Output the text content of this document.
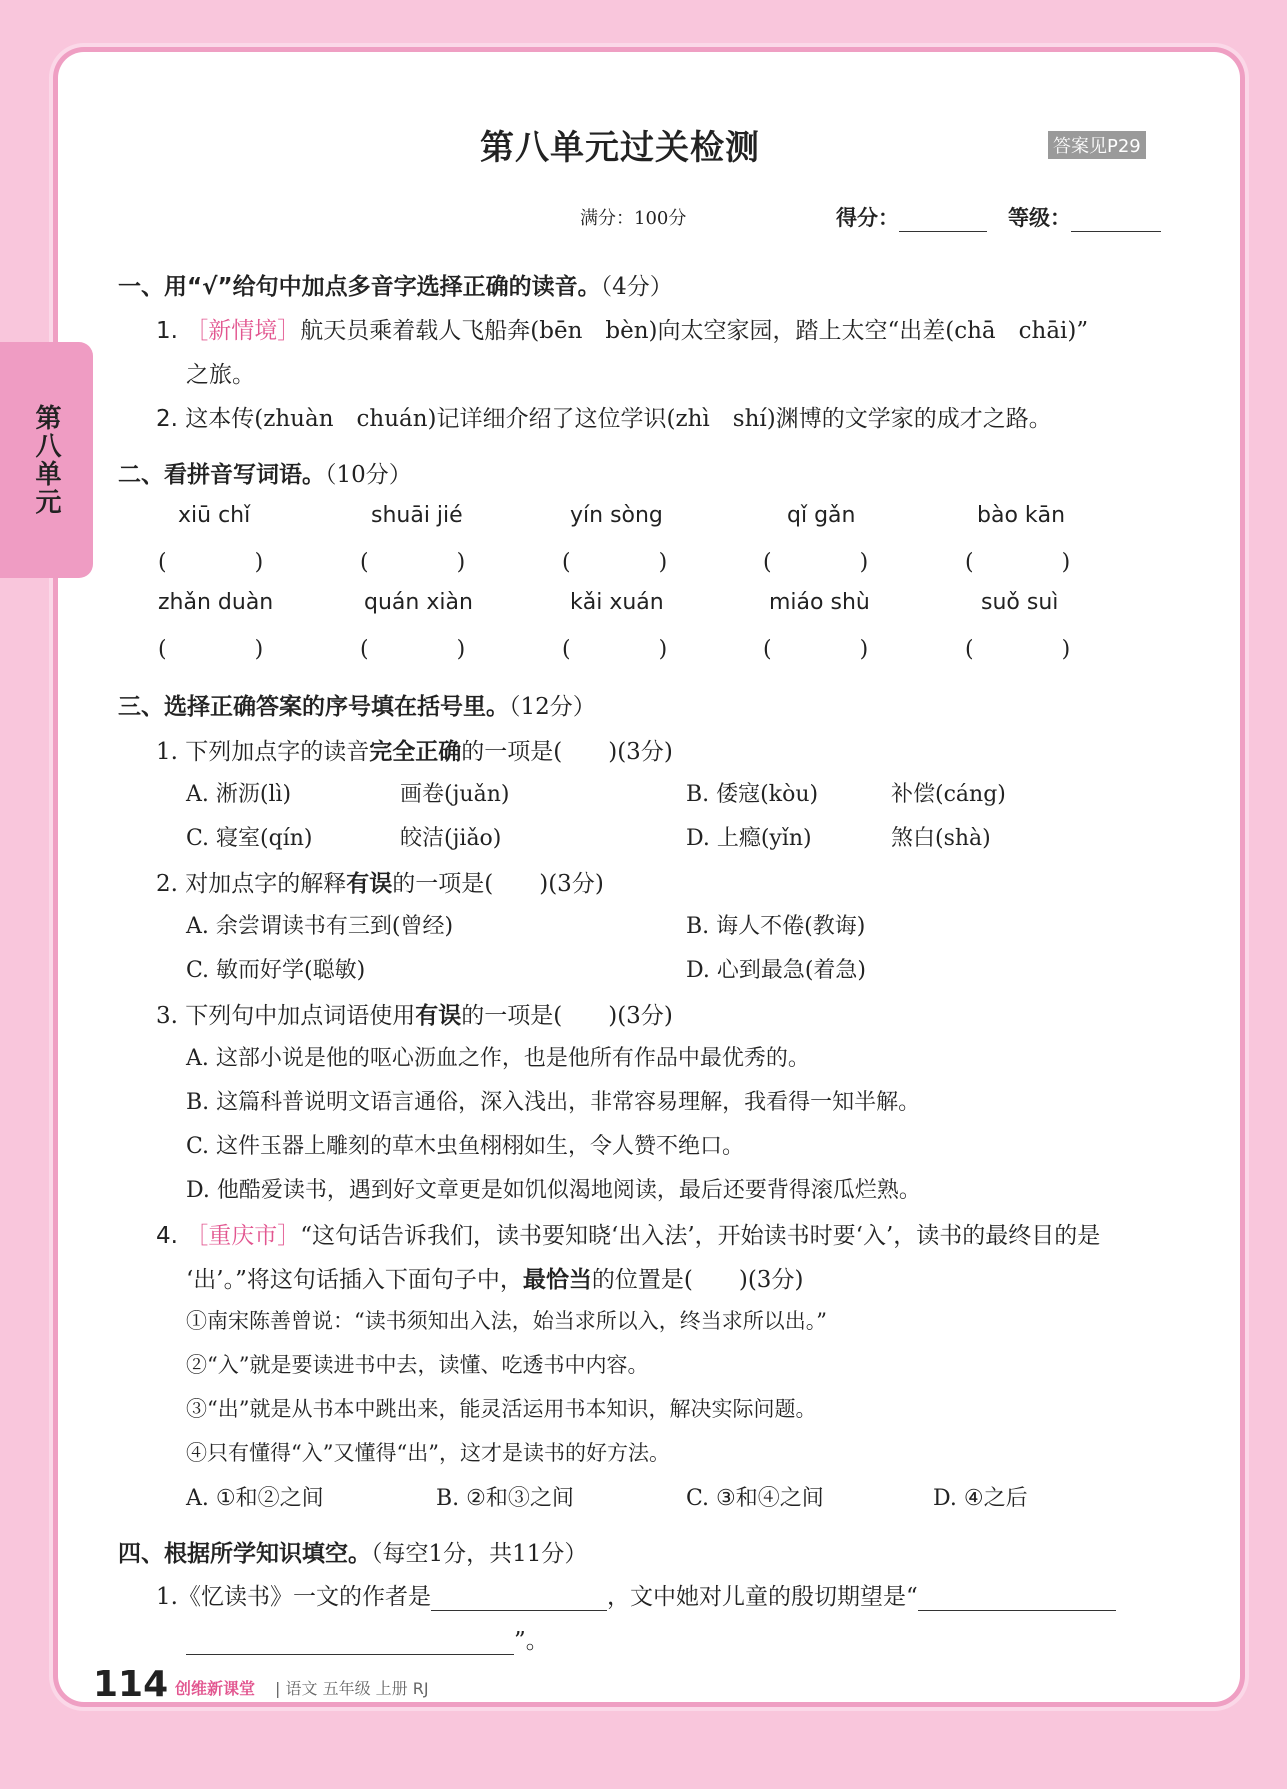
第八单元
第八单元过关检测	答案见P29
满分：100分	得分：	等级：
一、用“√”给句中加点多音字选择正确的读音。（4分）
1. ［新情境］航天员乘着载人飞船奔(bēn　bèn)向太空家园，踏上太空“出差(chā　chāi)”
之旅。
2. 这本传(zhuàn　chuán)记详细介绍了这位学识(zhì　shí)渊博的文学家的成才之路。
二、看拼音写词语。（10分）
xiū chǐ	shuāi jié	yín sòng	qǐ gǎn	bào kān
(　　　　)	(　　　　)	(　　　　)	(　　　　)	(　　　　)
zhǎn duàn	quán xiàn	kǎi xuán	miáo shù	suǒ suì
(　　　　)	(　　　　)	(　　　　)	(　　　　)	(　　　　)
三、选择正确答案的序号填在括号里。（12分）
1. 下列加点字的读音完全正确的一项是(　　)(3分)
A. 淅沥(lì)	画卷(juǎn)	B. 倭寇(kòu)	补偿(cáng)
C. 寝室(qín)	皎洁(jiǎo)	D. 上瘾(yǐn)	煞白(shà)
2. 对加点字的解释有误的一项是(　　)(3分)
A. 余尝谓读书有三到(曾经)	B. 诲人不倦(教诲)
C. 敏而好学(聪敏)	D. 心到最急(着急)
3. 下列句中加点词语使用有误的一项是(　　)(3分)
A. 这部小说是他的呕心沥血之作，也是他所有作品中最优秀的。
B. 这篇科普说明文语言通俗，深入浅出，非常容易理解，我看得一知半解。
C. 这件玉器上雕刻的草木虫鱼栩栩如生，令人赞不绝口。
D. 他酷爱读书，遇到好文章更是如饥似渴地阅读，最后还要背得滚瓜烂熟。
4. ［重庆市］“这句话告诉我们，读书要知晓‘出入法’，开始读书时要‘入’，读书的最终目的是
‘出’。”将这句话插入下面句子中，最恰当的位置是(　　)(3分)
①南宋陈善曾说：“读书须知出入法，始当求所以入，终当求所以出。”
②“入”就是要读进书中去，读懂、吃透书中内容。
③“出”就是从书本中跳出来，能灵活运用书本知识，解决实际问题。
④只有懂得“入”又懂得“出”，这才是读书的好方法。
A. ①和②之间	B. ②和③之间	C. ③和④之间	D. ④之后
四、根据所学知识填空。（每空1分，共11分）
1.《忆读书》一文的作者是	，文中她对儿童的殷切期望是“
”。
114 创维新课堂 | 语文 五年级 上册 RJ
